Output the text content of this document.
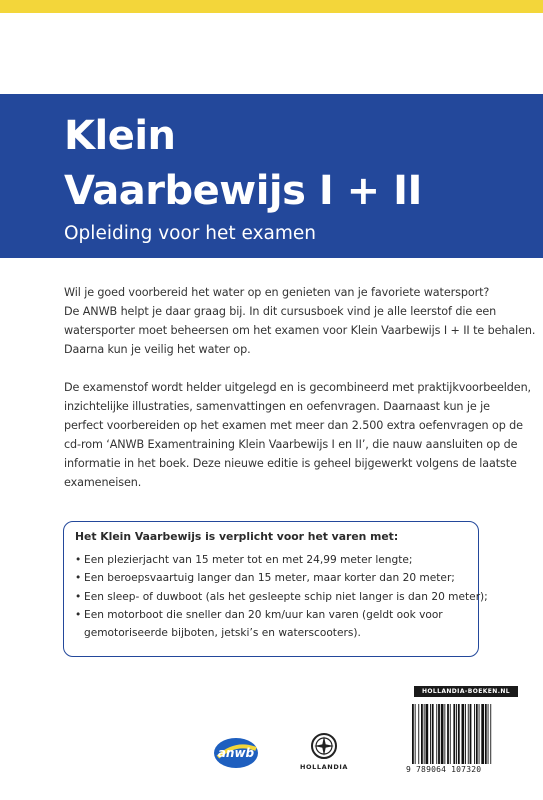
Klein
Vaarbewijs I + II
Opleiding voor het examen

Wil je goed voorbereid het water op en genieten van je favoriete watersport?
De ANWB helpt je daar graag bij. In dit cursusboek vind je alle leerstof die een
watersporter moet beheersen om het examen voor Klein Vaarbewijs I + II te behalen.
Daarna kun je veilig het water op.

De examenstof wordt helder uitgelegd en is gecombineerd met praktijkvoorbeelden,
inzichtelijke illustraties, samenvattingen en oefenvragen. Daarnaast kun je je
perfect voorbereiden op het examen met meer dan 2.500 extra oefenvragen op de
cd-rom ‘ANWB Examentraining Klein Vaarbewijs I en II’, die nauw aansluiten op de
informatie in het boek. Deze nieuwe editie is geheel bijgewerkt volgens de laatste
exameneisen.

Het Klein Vaarbewijs is verplicht voor het varen met:
• Een plezierjacht van 15 meter tot en met 24,99 meter lengte;
• Een beroepsvaartuig langer dan 15 meter, maar korter dan 20 meter;
• Een sleep- of duwboot (als het gesleepte schip niet langer is dan 20 meter);
• Een motorboot die sneller dan 20 km/uur kan varen (geldt ook voor
gemotoriseerde bijboten, jetski’s en waterscooters).
anwb
HOLLANDIA
HOLLANDIA-BOEKEN.NL
9 789064 107320
